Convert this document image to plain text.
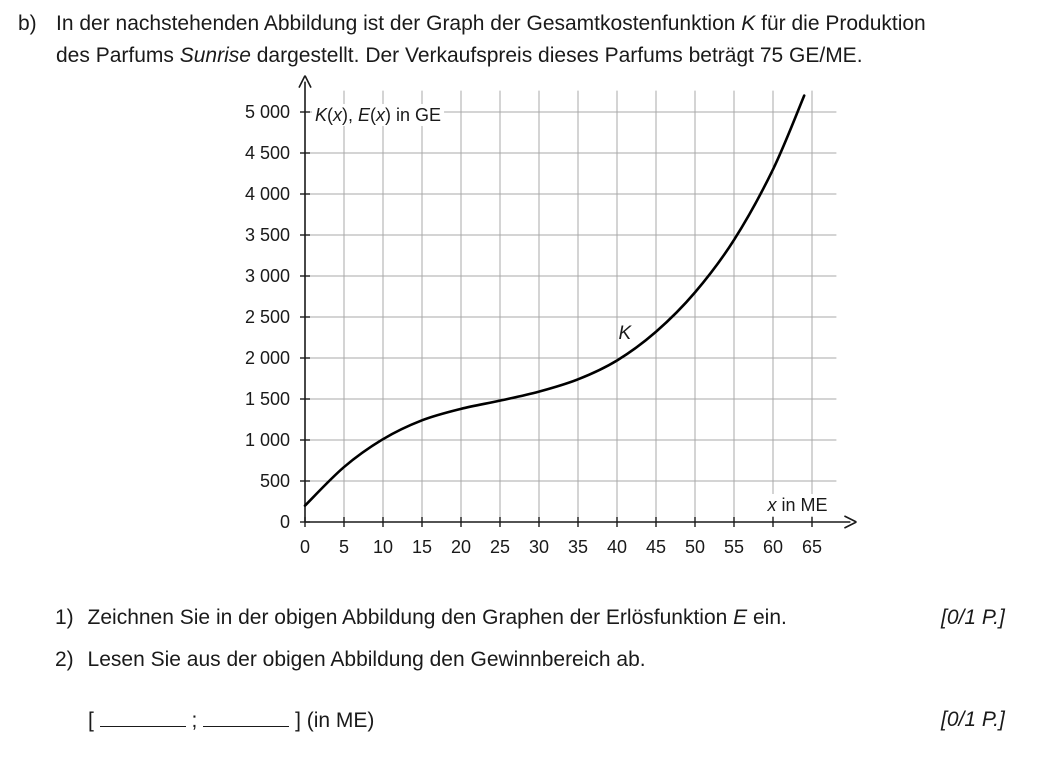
b) In der nachstehenden Abbildung ist der Graph der Gesamtkostenfunktion K für die Produktion
des Parfums Sunrise dargestellt. Der Verkaufspreis dieses Parfums beträgt 75 GE/ME.
0 5 10 15 20 25 30 35 40 45 50 55 60 65
0
500
1 000
1 500
2 000
2 500
3 000
3 500
4 000
4 500
5 000 K(x), E(x) in GE
x in ME
K
1) Zeichnen Sie in der obigen Abbildung den Graphen der Erlösfunktion E ein.	[0/1 P.]
2) Lesen Sie aus der obigen Abbildung den Gewinnbereich ab.
[	;	] (in ME)	[0/1 P.]
